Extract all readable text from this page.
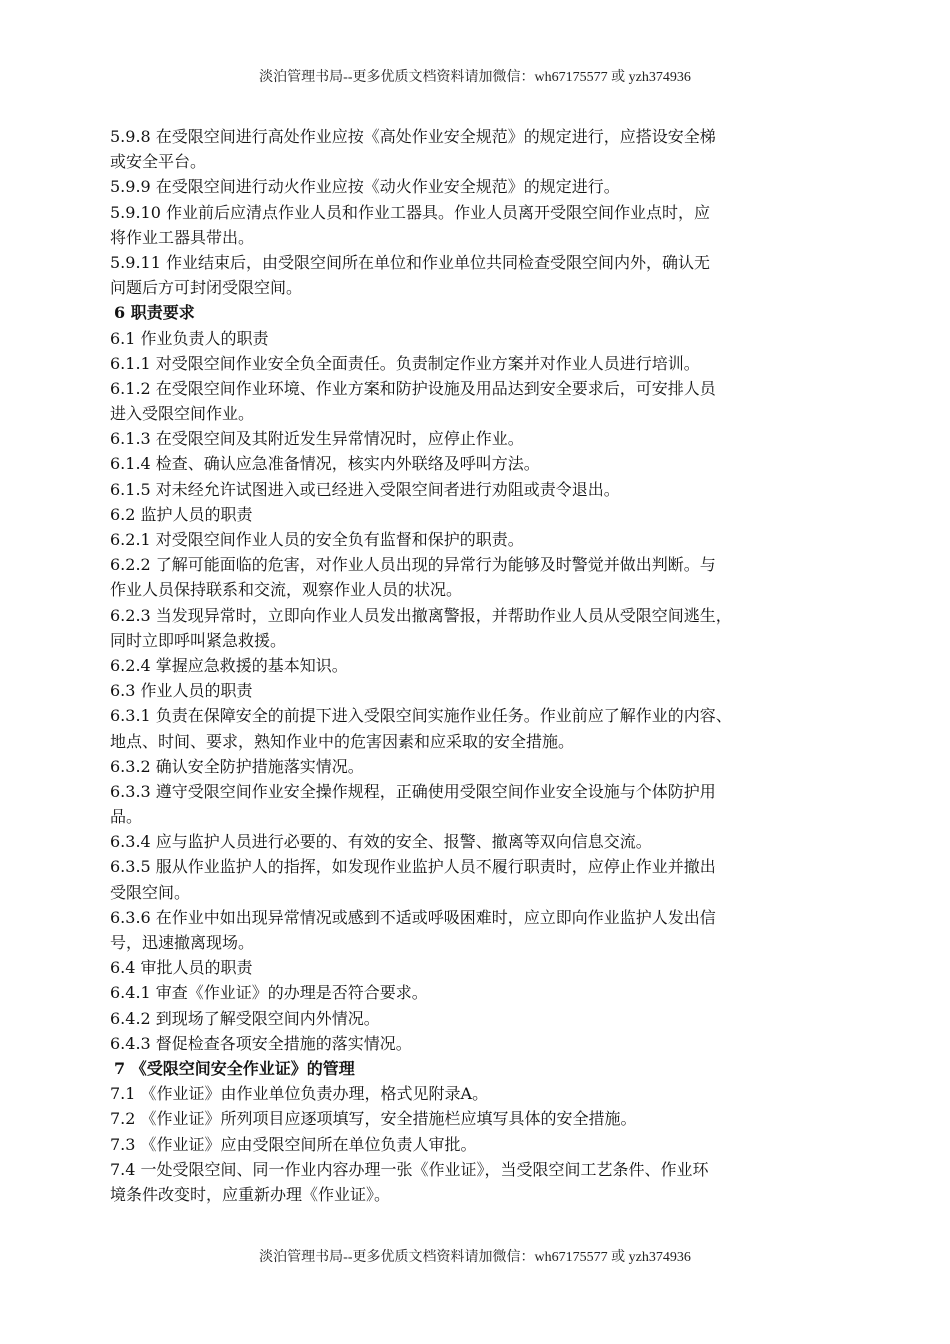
淡泊管理书局--更多优质文档资料请加微信：wh67175577 或 yzh374936
5.9.8 在受限空间进行高处作业应按《高处作业安全规范》的规定进行，应搭设安全梯
或安全平台。
5.9.9 在受限空间进行动火作业应按《动火作业安全规范》的规定进行。
5.9.10 作业前后应清点作业人员和作业工器具。作业人员离开受限空间作业点时，应
将作业工器具带出。
5.9.11 作业结束后，由受限空间所在单位和作业单位共同检查受限空间内外，确认无
问题后方可封闭受限空间。
6 职责要求
6.1 作业负责人的职责
6.1.1 对受限空间作业安全负全面责任。负责制定作业方案并对作业人员进行培训。
6.1.2 在受限空间作业环境、作业方案和防护设施及用品达到安全要求后，可安排人员
进入受限空间作业。
6.1.3 在受限空间及其附近发生异常情况时，应停止作业。
6.1.4 检查、确认应急准备情况，核实内外联络及呼叫方法。
6.1.5 对未经允许试图进入或已经进入受限空间者进行劝阻或责令退出。
6.2 监护人员的职责
6.2.1 对受限空间作业人员的安全负有监督和保护的职责。
6.2.2 了解可能面临的危害，对作业人员出现的异常行为能够及时警觉并做出判断。与
作业人员保持联系和交流，观察作业人员的状况。
6.2.3 当发现异常时，立即向作业人员发出撤离警报，并帮助作业人员从受限空间逃生，
同时立即呼叫紧急救援。
6.2.4 掌握应急救援的基本知识。
6.3 作业人员的职责
6.3.1 负责在保障安全的前提下进入受限空间实施作业任务。作业前应了解作业的内容、
地点、时间、要求，熟知作业中的危害因素和应采取的安全措施。
6.3.2 确认安全防护措施落实情况。
6.3.3 遵守受限空间作业安全操作规程，正确使用受限空间作业安全设施与个体防护用
品。
6.3.4 应与监护人员进行必要的、有效的安全、报警、撤离等双向信息交流。
6.3.5 服从作业监护人的指挥，如发现作业监护人员不履行职责时，应停止作业并撤出
受限空间。
6.3.6 在作业中如出现异常情况或感到不适或呼吸困难时，应立即向作业监护人发出信
号，迅速撤离现场。
6.4 审批人员的职责
6.4.1 审查《作业证》的办理是否符合要求。
6.4.2 到现场了解受限空间内外情况。
6.4.3 督促检查各项安全措施的落实情况。
7 《受限空间安全作业证》的管理
7.1 《作业证》由作业单位负责办理，格式见附录A。
7.2 《作业证》所列项目应逐项填写，安全措施栏应填写具体的安全措施。
7.3 《作业证》应由受限空间所在单位负责人审批。
7.4 一处受限空间、同一作业内容办理一张《作业证》，当受限空间工艺条件、作业环
境条件改变时，应重新办理《作业证》。
淡泊管理书局--更多优质文档资料请加微信：wh67175577 或 yzh374936
